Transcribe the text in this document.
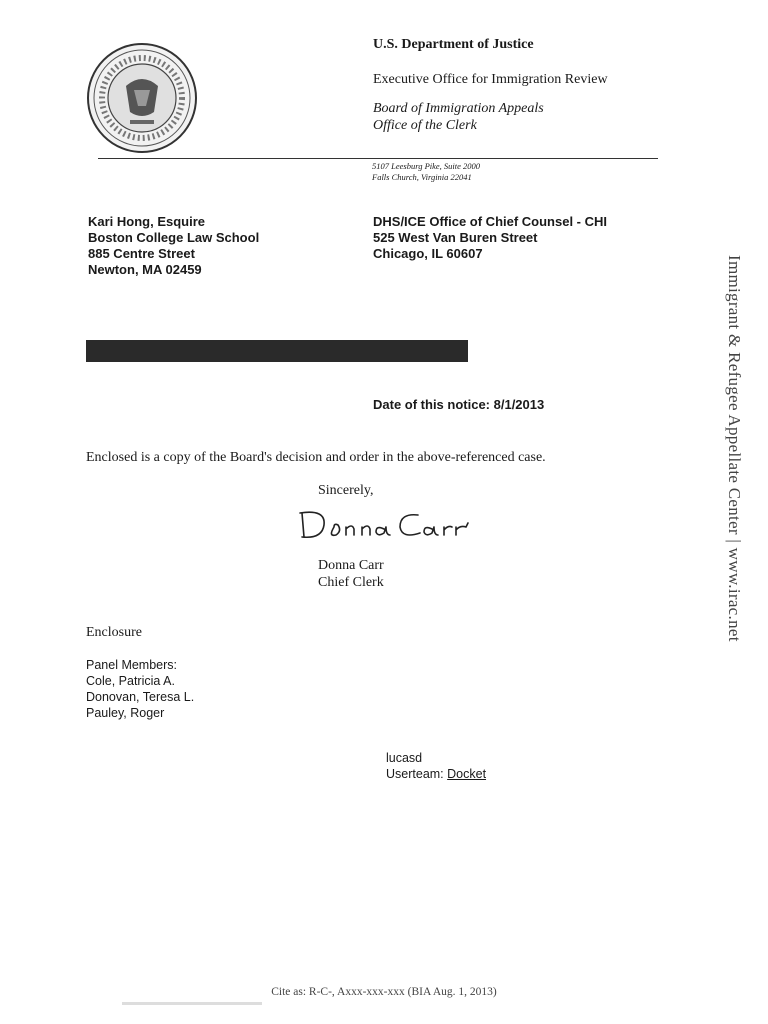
U.S. Department of Justice
Executive Office for Immigration Review
Board of Immigration Appeals
Office of the Clerk
5107 Leesburg Pike, Suite 2000
Falls Church, Virginia 22041
Kari Hong, Esquire
Boston College Law School
885 Centre Street
Newton, MA 02459
DHS/ICE Office of Chief Counsel - CHI
525 West Van Buren Street
Chicago, IL 60607
Date of this notice: 8/1/2013
Enclosed is a copy of the Board's decision and order in the above-referenced case.
Sincerely,
Donna Carr
Chief Clerk
Enclosure
Panel Members:
Cole, Patricia A.
Donovan, Teresa L.
Pauley, Roger
lucasd
Userteam: Docket
Immigrant & Refugee Appellate Center | www.irac.net
Cite as: R-C-, Axxx-xxx-xxx (BIA Aug. 1, 2013)
